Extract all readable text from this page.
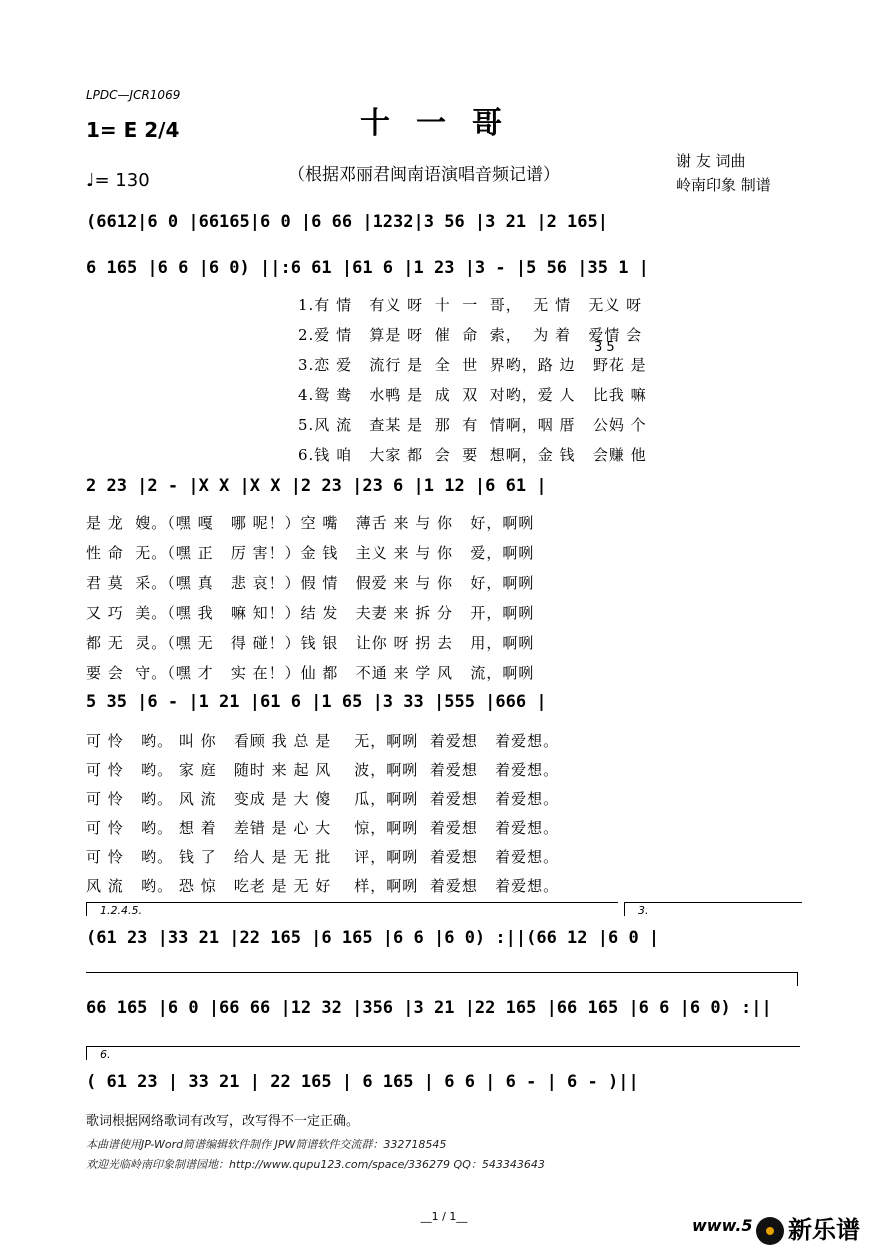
LPDC—JCR1069
十一哥
1= E 2/4
♩= 130	（根据邓丽君闽南语演唱音频记谱）
谢 友 词曲
岭南印象 制谱
(6612|6 0 |66165|6 0 |6 66 |1232|3 56 |3 21 |2 165|
6 165 |6 6 |6 0) ||:6 61 |61 6 |1 23 |3 - |5 56 |35 1 |
3 5
1.有 情   有义 呀  十  一  哥，  无 情   无义 呀
2.爱 情   算是 呀  催  命  索，  为 着   爱情 会
3.恋 爱   流行 是  全  世  界哟，路 边   野花 是
4.鸳 鸯   水鸭 是  成  双  对哟，爱 人   比我 嘛
5.风 流   查某 是  那  有  情啊，咽 厝   公妈 个
6.钱 咱   大家 都  会  要  想啊，金 钱   会赚 他
2 23 |2 - |X X |X X |2 23 |23 6 |1 12 |6 61 |
是 龙  嫂。（嘿 嘎   哪 呢！）空 嘴   薄舌 来 与 你   好，啊咧
性 命  无。（嘿 正   厉 害！）金 钱   主义 来 与 你   爱，啊咧
君 莫  采。（嘿 真   悲 哀！）假 情   假爱 来 与 你   好，啊咧
又 巧  美。（嘿 我   嘛 知！）结 发   夫妻 来 拆 分   开，啊咧
都 无  灵。（嘿 无   得 碰！）钱 银   让你 呀 拐 去   用，啊咧
要 会  守。（嘿 才   实 在！）仙 都   不通 来 学 风   流，啊咧
5 35 |6 - |1 21 |61 6 |1 65 |3 33 |555 |666 |
可 怜   哟。 叫 你   看顾 我 总 是    无，啊咧  着爱想   着爱想。
可 怜   哟。 家 庭   随时 来 起 风    波，啊咧  着爱想   着爱想。
可 怜   哟。 风 流   变成 是 大 傻    瓜，啊咧  着爱想   着爱想。
可 怜   哟。 想 着   差错 是 心 大    惊，啊咧  着爱想   着爱想。
可 怜   哟。 钱 了   给人 是 无 批    评，啊咧  着爱想   着爱想。
风 流   哟。 恐 惊   吃老 是 无 好    样，啊咧  着爱想   着爱想。
1.2.4.5.	3.
(61 23 |33 21 |22 165 |6 165 |6 6 |6 0) :||(66 12 |6 0 |
66 165 |6 0 |66 66 |12 32 |356 |3 21 |22 165 |66 165 |6 6 |6 0) :||
6.
( 61 23 | 33 21 | 22 165 | 6 165 | 6 6 | 6 - | 6 - )||
歌词根据网络歌词有改写，改写得不一定正确。
本曲谱使用JP-Word简谱编辑软件制作 JPW简谱软件交流群：332718545
欢迎光临岭南印象制谱园地：http://www.qupu123.com/space/336279 QQ：543343643
__1 / 1__	www.5	新乐谱
